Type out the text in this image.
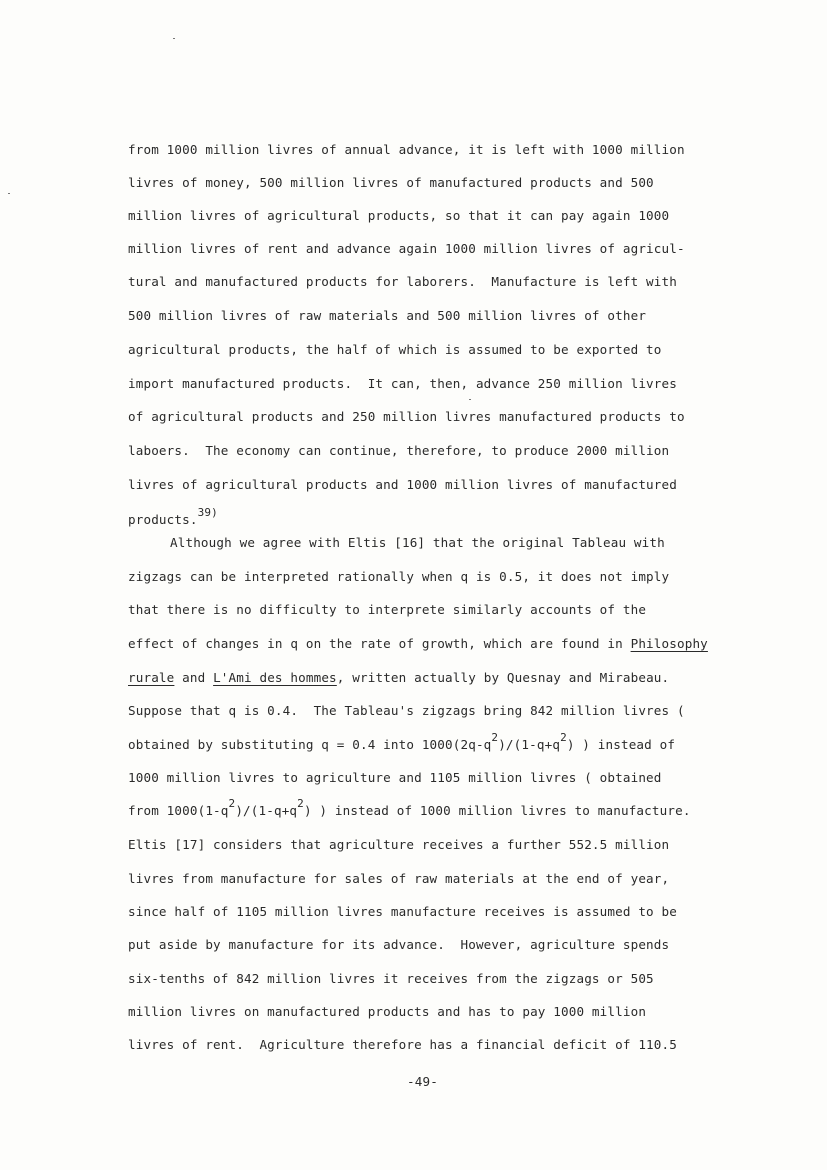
from 1000 million livres of annual advance, it is left with 1000 million
livres of money, 500 million livres of manufactured products and 500
million livres of agricultural products, so that it can pay again 1000
million livres of rent and advance again 1000 million livres of agricul-
tural and manufactured products for laborers.  Manufacture is left with
500 million livres of raw materials and 500 million livres of other
agricultural products, the half of which is assumed to be exported to
import manufactured products.  It can, then, advance 250 million livres
of agricultural products and 250 million livres manufactured products to
laboers.  The economy can continue, therefore, to produce 2000 million
livres of agricultural products and 1000 million livres of manufactured
products.39)
Although we agree with Eltis [16] that the original Tableau with
zigzags can be interpreted rationally when q is 0.5, it does not imply
that there is no difficulty to interprete similarly accounts of the
effect of changes in q on the rate of growth, which are found in Philosophy
rurale and L'Ami des hommes, written actually by Quesnay and Mirabeau.
Suppose that q is 0.4.  The Tableau's zigzags bring 842 million livres (
obtained by substituting q = 0.4 into 1000(2q-q2)/(1-q+q2) ) instead of
1000 million livres to agriculture and 1105 million livres ( obtained
from 1000(1-q2)/(1-q+q2) ) instead of 1000 million livres to manufacture.
Eltis [17] considers that agriculture receives a further 552.5 million
livres from manufacture for sales of raw materials at the end of year,
since half of 1105 million livres manufacture receives is assumed to be
put aside by manufacture for its advance.  However, agriculture spends
six-tenths of 842 million livres it receives from the zigzags or 505
million livres on manufactured products and has to pay 1000 million
livres of rent.  Agriculture therefore has a financial deficit of 110.5
-49-
